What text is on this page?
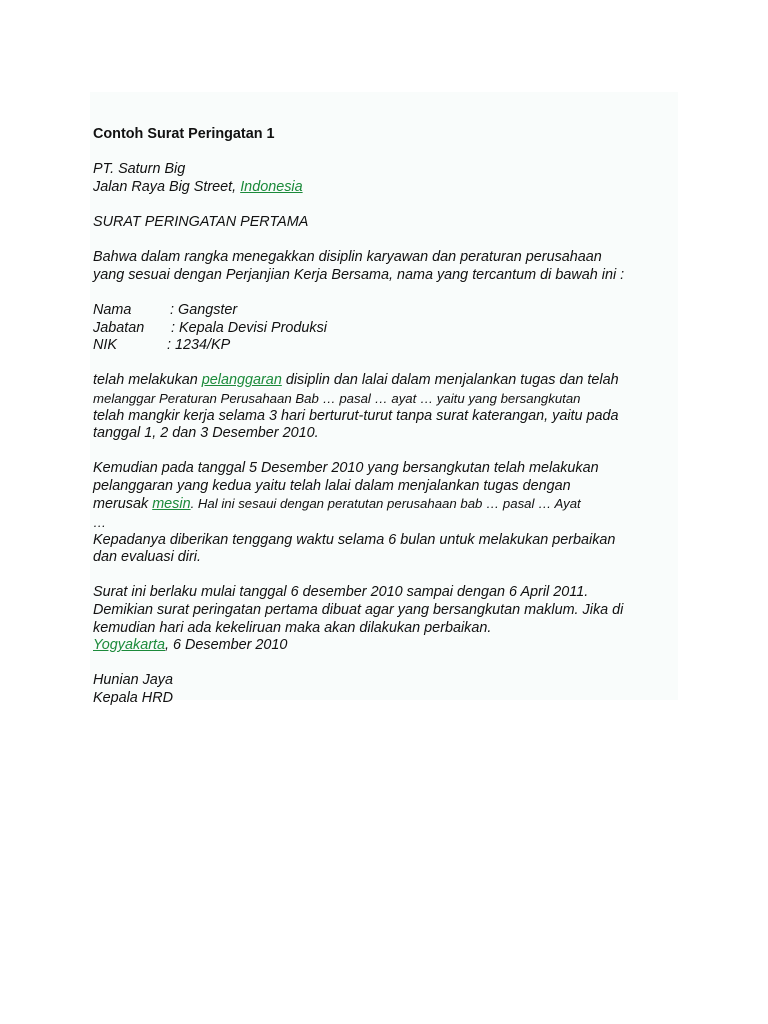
Contoh Surat Peringatan 1

PT. Saturn Big

Jalan Raya Big Street, Indonesia

SURAT PERINGATAN PERTAMA

Bahwa dalam rangka menegakkan disiplin karyawan dan peraturan perusahaan

yang sesuai dengan Perjanjian Kerja Bersama, nama yang tercantum di bawah ini :

Nama	: Gangster

Jabatan : Kepala Devisi Produksi

NIK	: 1234/KP

telah melakukan pelanggaran disiplin dan lalai dalam menjalankan tugas dan telah

melanggar Peraturan Perusahaan Bab … pasal … ayat … yaitu yang bersangkutan

telah mangkir kerja selama 3 hari berturut-turut tanpa surat katerangan, yaitu pada

tanggal 1, 2 dan 3 Desember 2010.

Kemudian pada tanggal 5 Desember 2010 yang bersangkutan telah melakukan

pelanggaran yang kedua yaitu telah lalai dalam menjalankan tugas dengan

merusak mesin. Hal ini sesaui dengan peratutan perusahaan bab … pasal … Ayat

…

Kepadanya diberikan tenggang waktu selama 6 bulan untuk melakukan perbaikan

dan evaluasi diri.

Surat ini berlaku mulai tanggal 6 desember 2010 sampai dengan 6 April 2011.

Demikian surat peringatan pertama dibuat agar yang bersangkutan maklum. Jika di

kemudian hari ada kekeliruan maka akan dilakukan perbaikan.

Yogyakarta, 6 Desember 2010

Hunian Jaya

Kepala HRD
